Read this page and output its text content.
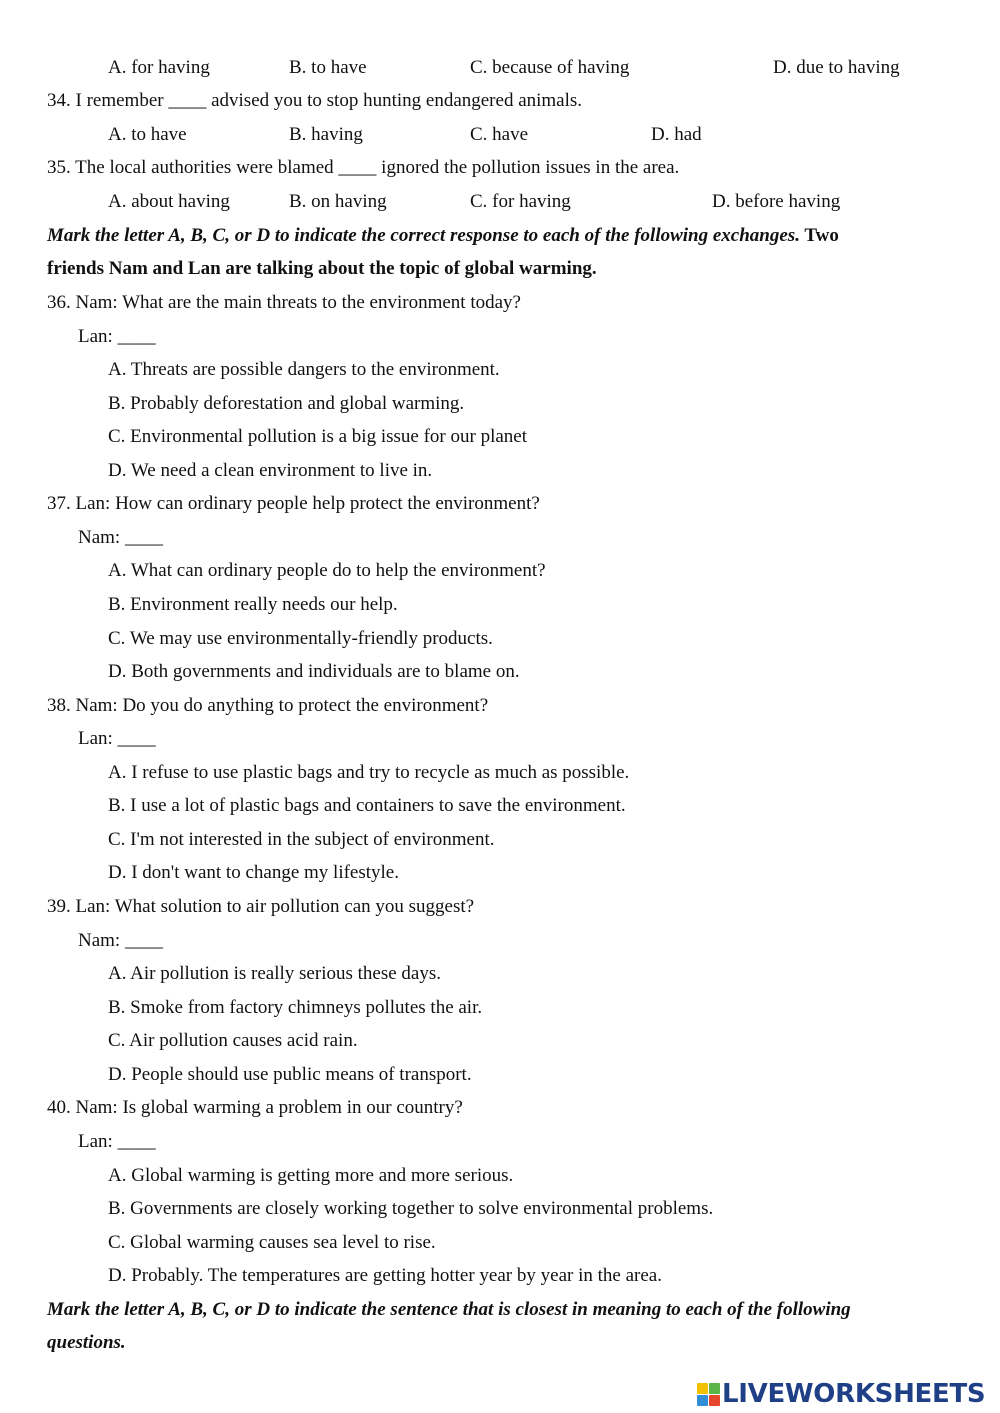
A. for having	B. to have	C. because of having	D. due to having
34. I remember ____ advised you to stop hunting endangered animals.
A. to have	B. having	C. have	D. had
35. The local authorities were blamed ____ ignored the pollution issues in the area.
A. about having	B. on having	C. for having	D. before having
Mark the letter A, B, C, or D to indicate the correct response to each of the following exchanges. Two
friends Nam and Lan are talking about the topic of global warming.
36. Nam: What are the main threats to the environment today?
Lan: ____
A. Threats are possible dangers to the environment.
B. Probably deforestation and global warming.
C. Environmental pollution is a big issue for our planet
D. We need a clean environment to live in.
37. Lan: How can ordinary people help protect the environment?
Nam: ____
A. What can ordinary people do to help the environment?
B. Environment really needs our help.
C. We may use environmentally-friendly products.
D. Both governments and individuals are to blame on.
38. Nam: Do you do anything to protect the environment?
Lan: ____
A. I refuse to use plastic bags and try to recycle as much as possible.
B. I use a lot of plastic bags and containers to save the environment.
C. I'm not interested in the subject of environment.
D. I don't want to change my lifestyle.
39. Lan: What solution to air pollution can you suggest?
Nam: ____
A. Air pollution is really serious these days.
B. Smoke from factory chimneys pollutes the air.
C. Air pollution causes acid rain.
D. People should use public means of transport.
40. Nam: Is global warming a problem in our country?
Lan: ____
A. Global warming is getting more and more serious.
B. Governments are closely working together to solve environmental problems.
C. Global warming causes sea level to rise.
D. Probably. The temperatures are getting hotter year by year in the area.
Mark the letter A, B, C, or D to indicate the sentence that is closest in meaning to each of the following
questions.
LIVEWORKSHEETS
